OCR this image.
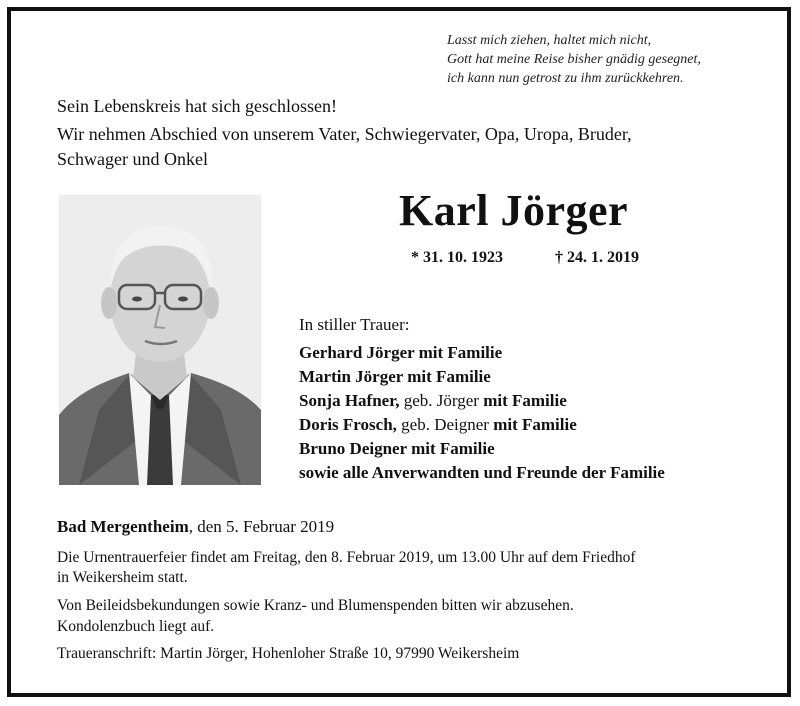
Lasst mich ziehen, haltet mich nicht,
Gott hat meine Reise bisher gnädig gesegnet,
ich kann nun getrost zu ihm zurückkehren.
Sein Lebenskreis hat sich geschlossen!
Wir nehmen Abschied von unserem Vater, Schwiegervater, Opa, Uropa, Bruder,
Schwager und Onkel
Karl Jörger
* 31. 10. 1923	† 24. 1. 2019
In stiller Trauer:
Gerhard Jörger mit Familie
Martin Jörger mit Familie
Sonja Hafner, geb. Jörger mit Familie
Doris Frosch, geb. Deigner mit Familie
Bruno Deigner mit Familie
sowie alle Anverwandten und Freunde der Familie
Bad Mergentheim, den 5. Februar 2019
Die Urnentrauerfeier findet am Freitag, den 8. Februar 2019, um 13.00 Uhr auf dem Friedhof
in Weikersheim statt.
Von Beileidsbekundungen sowie Kranz- und Blumenspenden bitten wir abzusehen.
Kondolenzbuch liegt auf.
Traueranschrift: Martin Jörger, Hohenloher Straße 10, 97990 Weikersheim
